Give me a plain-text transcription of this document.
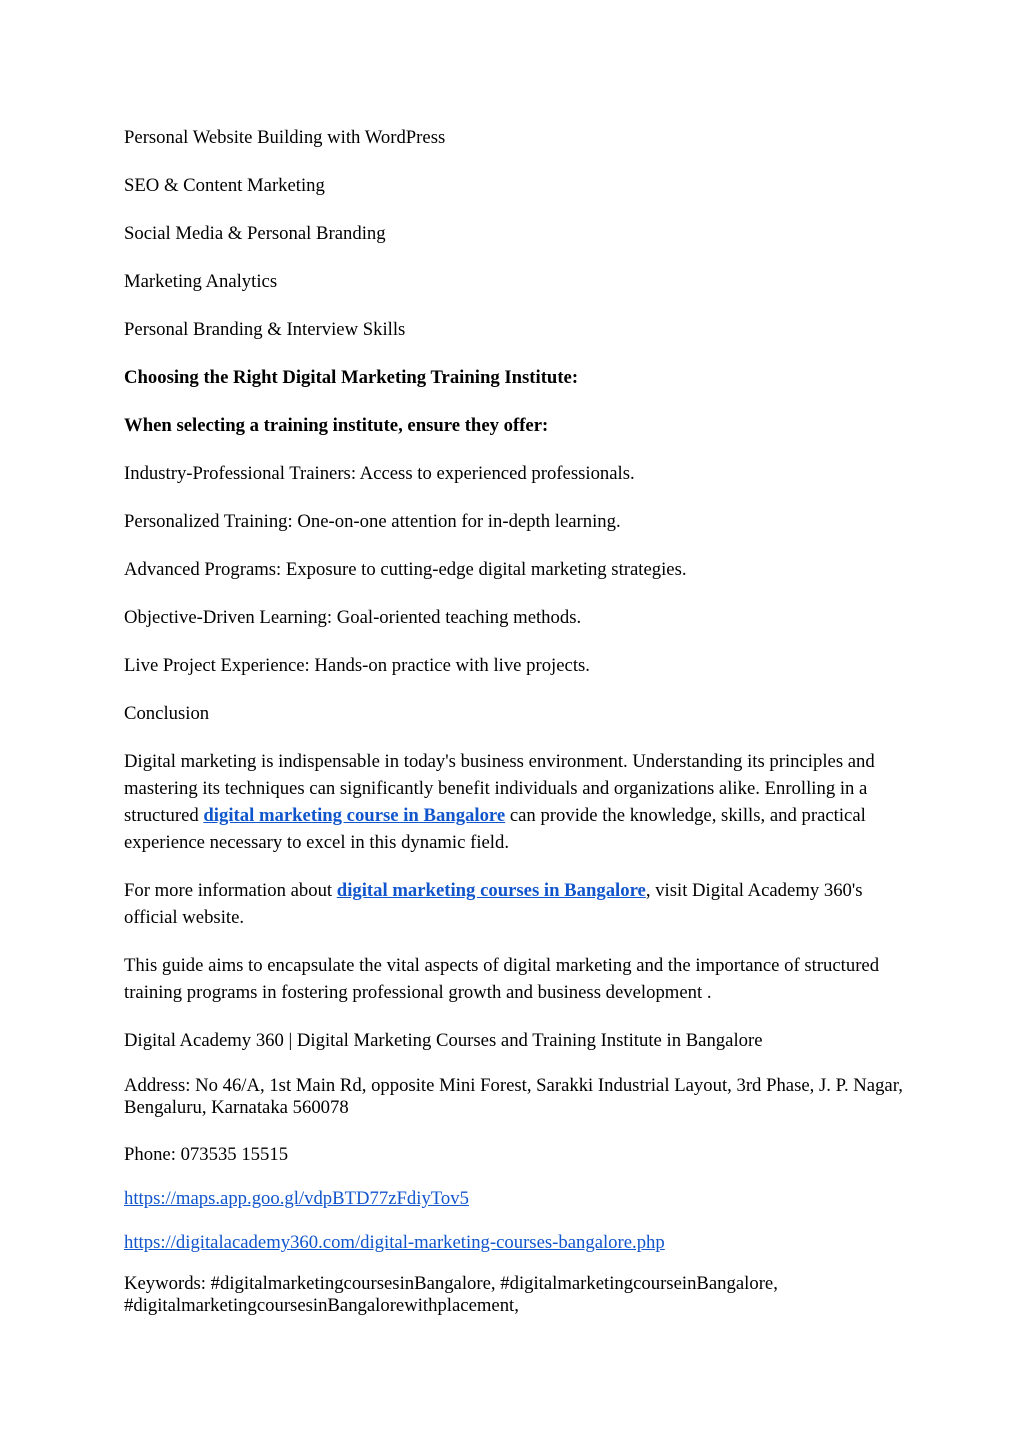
Personal Website Building with WordPress

SEO & Content Marketing

Social Media & Personal Branding

Marketing Analytics

Personal Branding & Interview Skills

Choosing the Right Digital Marketing Training Institute:

When selecting a training institute, ensure they offer:

Industry-Professional Trainers: Access to experienced professionals.

Personalized Training: One-on-one attention for in-depth learning.

Advanced Programs: Exposure to cutting-edge digital marketing strategies.

Objective-Driven Learning: Goal-oriented teaching methods.

Live Project Experience: Hands-on practice with live projects.

Conclusion

Digital marketing is indispensable in today's business environment. Understanding its principles and mastering its techniques can significantly benefit individuals and organizations alike. Enrolling in a structured digital marketing course in Bangalore can provide the knowledge, skills, and practical experience necessary to excel in this dynamic field.

For more information about digital marketing courses in Bangalore, visit Digital Academy 360's official website.

This guide aims to encapsulate the vital aspects of digital marketing and the importance of structured training programs in fostering professional growth and business development .

Digital Academy 360 | Digital Marketing Courses and Training Institute in Bangalore

Address: No 46/A, 1st Main Rd, opposite Mini Forest, Sarakki Industrial Layout, 3rd Phase, J. P. Nagar, Bengaluru, Karnataka 560078

Phone: 073535 15515

https://maps.app.goo.gl/vdpBTD77zFdiyTov5

https://digitalacademy360.com/digital-marketing-courses-bangalore.php

Keywords: #digitalmarketingcoursesinBangalore, #digitalmarketingcourseinBangalore, #digitalmarketingcoursesinBangalorewithplacement,
